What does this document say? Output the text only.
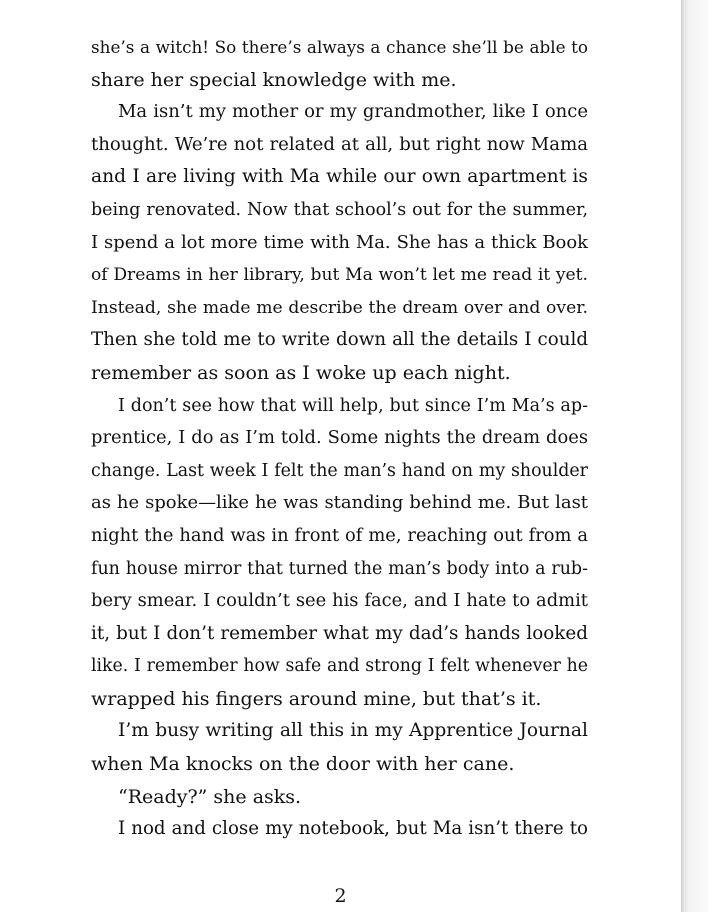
she’s a witch! So there’s always a chance she’ll be able to
share her special knowledge with me.
Ma isn’t my mother or my grandmother, like I once
thought. We’re not related at all, but right now Mama
and I are living with Ma while our own apartment is
being renovated. Now that school’s out for the summer,
I spend a lot more time with Ma. She has a thick Book
of Dreams in her library, but Ma won’t let me read it yet.
Instead, she made me describe the dream over and over.
Then she told me to write down all the details I could
remember as soon as I woke up each night.
I don’t see how that will help, but since I’m Ma’s ap-
prentice, I do as I’m told. Some nights the dream does
change. Last week I felt the man’s hand on my shoulder
as he spoke—like he was standing behind me. But last
night the hand was in front of me, reaching out from a
fun house mirror that turned the man’s body into a rub-
bery smear. I couldn’t see his face, and I hate to admit
it, but I don’t remember what my dad’s hands looked
like. I remember how safe and strong I felt whenever he
wrapped his fingers around mine, but that’s it.
I’m busy writing all this in my Apprentice Journal
when Ma knocks on the door with her cane.
“Ready?” she asks.
I nod and close my notebook, but Ma isn’t there to
2
